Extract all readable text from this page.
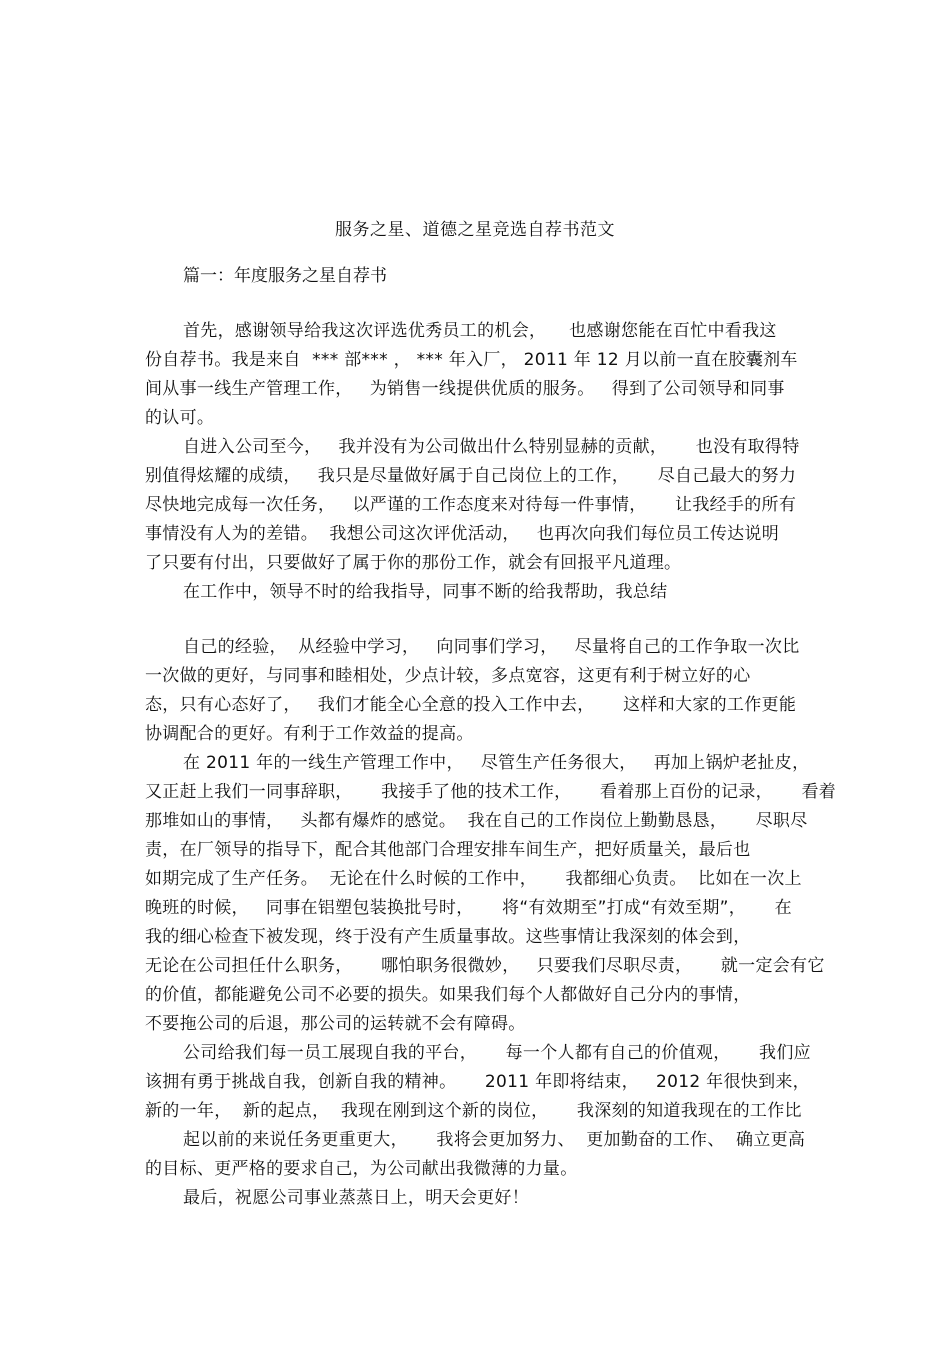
服务之星、道德之星竞选自荐书范文
篇一：年度服务之星自荐书
首先，感谢领导给我这次评选优秀员工的机会，    也感谢您能在百忙中看我这
份自荐书。我是来自  *** 部*** ， *** 年入厂， 2011 年 12 月以前一直在胶囊剂车
间从事一线生产管理工作，   为销售一线提供优质的服务。   得到了公司领导和同事
的认可。
自进入公司至今，   我并没有为公司做出什么特别显赫的贡献，     也没有取得特
别值得炫耀的成绩，   我只是尽量做好属于自己岗位上的工作，     尽自己最大的努力
尽快地完成每一次任务，   以严谨的工作态度来对待每一件事情，     让我经手的所有
事情没有人为的差错。  我想公司这次评优活动，   也再次向我们每位员工传达说明
了只要有付出，只要做好了属于你的那份工作，就会有回报平凡道理。
在工作中，领导不时的给我指导，同事不断的给我帮助，我总结
自己的经验，  从经验中学习，   向同事们学习，   尽量将自己的工作争取一次比
一次做的更好，与同事和睦相处，少点计较，多点宽容，这更有利于树立好的心
态，只有心态好了，   我们才能全心全意的投入工作中去，     这样和大家的工作更能
协调配合的更好。有利于工作效益的提高。
在 2011 年的一线生产管理工作中，   尽管生产任务很大，   再加上锅炉老扯皮，
又正赶上我们一同事辞职，     我接手了他的技术工作，     看着那上百份的记录，     看着
那堆如山的事情，   头都有爆炸的感觉。  我在自己的工作岗位上勤勤恳恳，     尽职尽
责，在厂领导的指导下，配合其他部门合理安排车间生产，把好质量关，最后也
如期完成了生产任务。  无论在什么时候的工作中，     我都细心负责。  比如在一次上
晚班的时候，   同事在铝塑包装换批号时，     将“有效期至”打成“有效至期”，     在
我的细心检查下被发现，终于没有产生质量事故。这些事情让我深刻的体会到，
无论在公司担任什么职务，     哪怕职务很微妙，   只要我们尽职尽责，     就一定会有它
的价值，都能避免公司不必要的损失。如果我们每个人都做好自己分内的事情，
不要拖公司的后退，那公司的运转就不会有障碍。
公司给我们每一员工展现自我的平台，     每一个人都有自己的价值观，     我们应
该拥有勇于挑战自我，创新自我的精神。     2011 年即将结束，   2012 年很快到来，
新的一年，  新的起点，  我现在刚到这个新的岗位，     我深刻的知道我现在的工作比
起以前的来说任务更重更大，     我将会更加努力、  更加勤奋的工作、  确立更高
的目标、更严格的要求自己，为公司献出我微薄的力量。
最后，祝愿公司事业蒸蒸日上，明天会更好！
